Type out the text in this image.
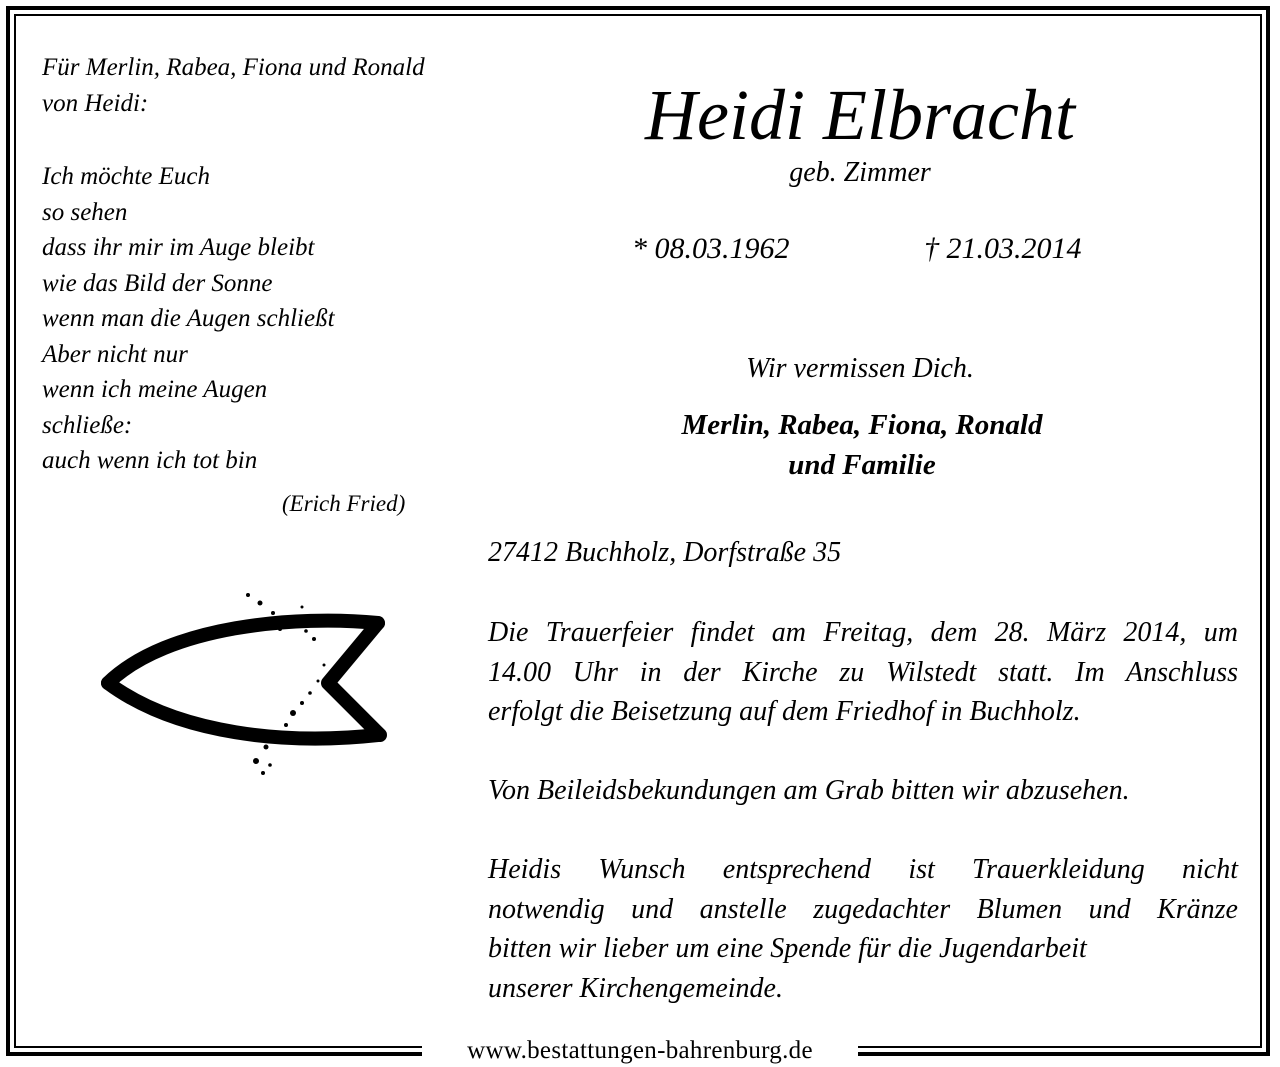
www.bestattungen-bahrenburg.de
Für Merlin, Rabea, Fiona und Ronald
von Heidi:
Ich möchte Euch
so sehen
dass ihr mir im Auge bleibt
wie das Bild der Sonne
wenn man die Augen schließt
Aber nicht nur
wenn ich meine Augen
schließe:
auch wenn ich tot bin
(Erich Fried)
Heidi Elbracht
geb. Zimmer
* 08.03.1962	† 21.03.2014
Wir vermissen Dich.
Merlin, Rabea, Fiona, Ronald
und Familie
27412 Buchholz, Dorfstraße 35
Die Trauerfeier findet am Freitag, dem 28. März 2014, um
14.00 Uhr in der Kirche zu Wilstedt statt. Im Anschluss
erfolgt die Beisetzung auf dem Friedhof in Buchholz.
Von Beileidsbekundungen am Grab bitten wir abzusehen.
Heidis Wunsch entsprechend ist Trauerkleidung nicht
notwendig und anstelle zugedachter Blumen und Kränze
bitten wir lieber um eine Spende für die Jugendarbeit
unserer Kirchengemeinde.
